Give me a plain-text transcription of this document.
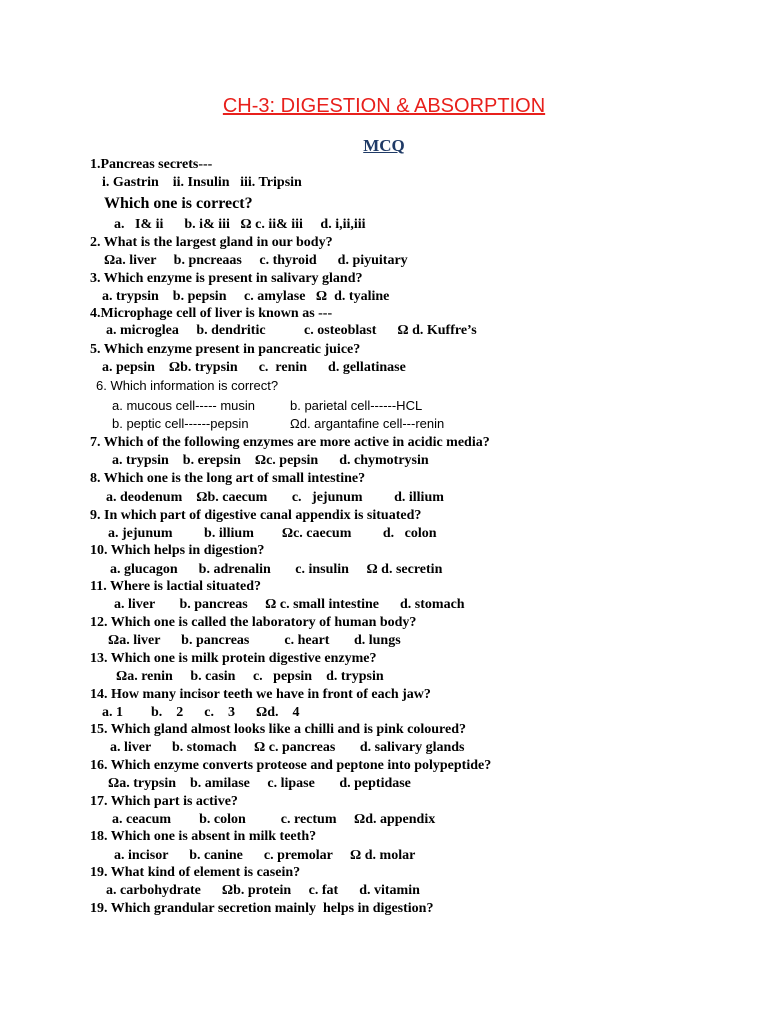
CH-3: DIGESTION & ABSORPTION
MCQ
1.Pancreas secrets---
i. Gastrin    ii. Insulin   iii. Tripsin
Which one is correct?
a.   I& ii      b. i& iii   Ω c. ii& iii     d. i,ii,iii
2. What is the largest gland in our body?
Ωa. liver     b. pncreaas     c. thyroid      d. piyuitary
3. Which enzyme is present in salivary gland?
a. trypsin    b. pepsin     c. amylase   Ω  d. tyaline
4.Microphage cell of liver is known as ---
a. microglea     b. dendritic           c. osteoblast      Ω d. Kuffre’s
5. Which enzyme present in pancreatic juice?
a. pepsin    Ωb. trypsin      c.  renin      d. gellatinase
6. Which information is correct?
a. mucous cell----- musin	b. parietal cell------HCL
b. peptic cell------pepsin	Ωd. argantafine cell---renin
7. Which of the following enzymes are more active in acidic media?
a. trypsin    b. erepsin    Ωc. pepsin      d. chymotrysin
8. Which one is the long art of small intestine?
a. deodenum    Ωb. caecum       c.   jejunum         d. illium
9. In which part of digestive canal appendix is situated?
a. jejunum         b. illium        Ωc. caecum         d.   colon
10. Which helps in digestion?
a. glucagon      b. adrenalin       c. insulin     Ω d. secretin
11. Where is lactial situated?
a. liver       b. pancreas     Ω c. small intestine      d. stomach
12. Which one is called the laboratory of human body?
Ωa. liver      b. pancreas          c. heart       d. lungs
13. Which one is milk protein digestive enzyme?
Ωa. renin     b. casin     c.   pepsin    d. trypsin
14. How many incisor teeth we have in front of each jaw?
a. 1        b.    2      c.    3      Ωd.    4
15. Which gland almost looks like a chilli and is pink coloured?
a. liver      b. stomach     Ω c. pancreas       d. salivary glands
16. Which enzyme converts proteose and peptone into polypeptide?
Ωa. trypsin    b. amilase     c. lipase       d. peptidase
17. Which part is active?
a. ceacum        b. colon          c. rectum     Ωd. appendix
18. Which one is absent in milk teeth?
a. incisor      b. canine      c. premolar     Ω d. molar
19. What kind of element is casein?
a. carbohydrate      Ωb. protein     c. fat      d. vitamin
19. Which grandular secretion mainly  helps in digestion?
